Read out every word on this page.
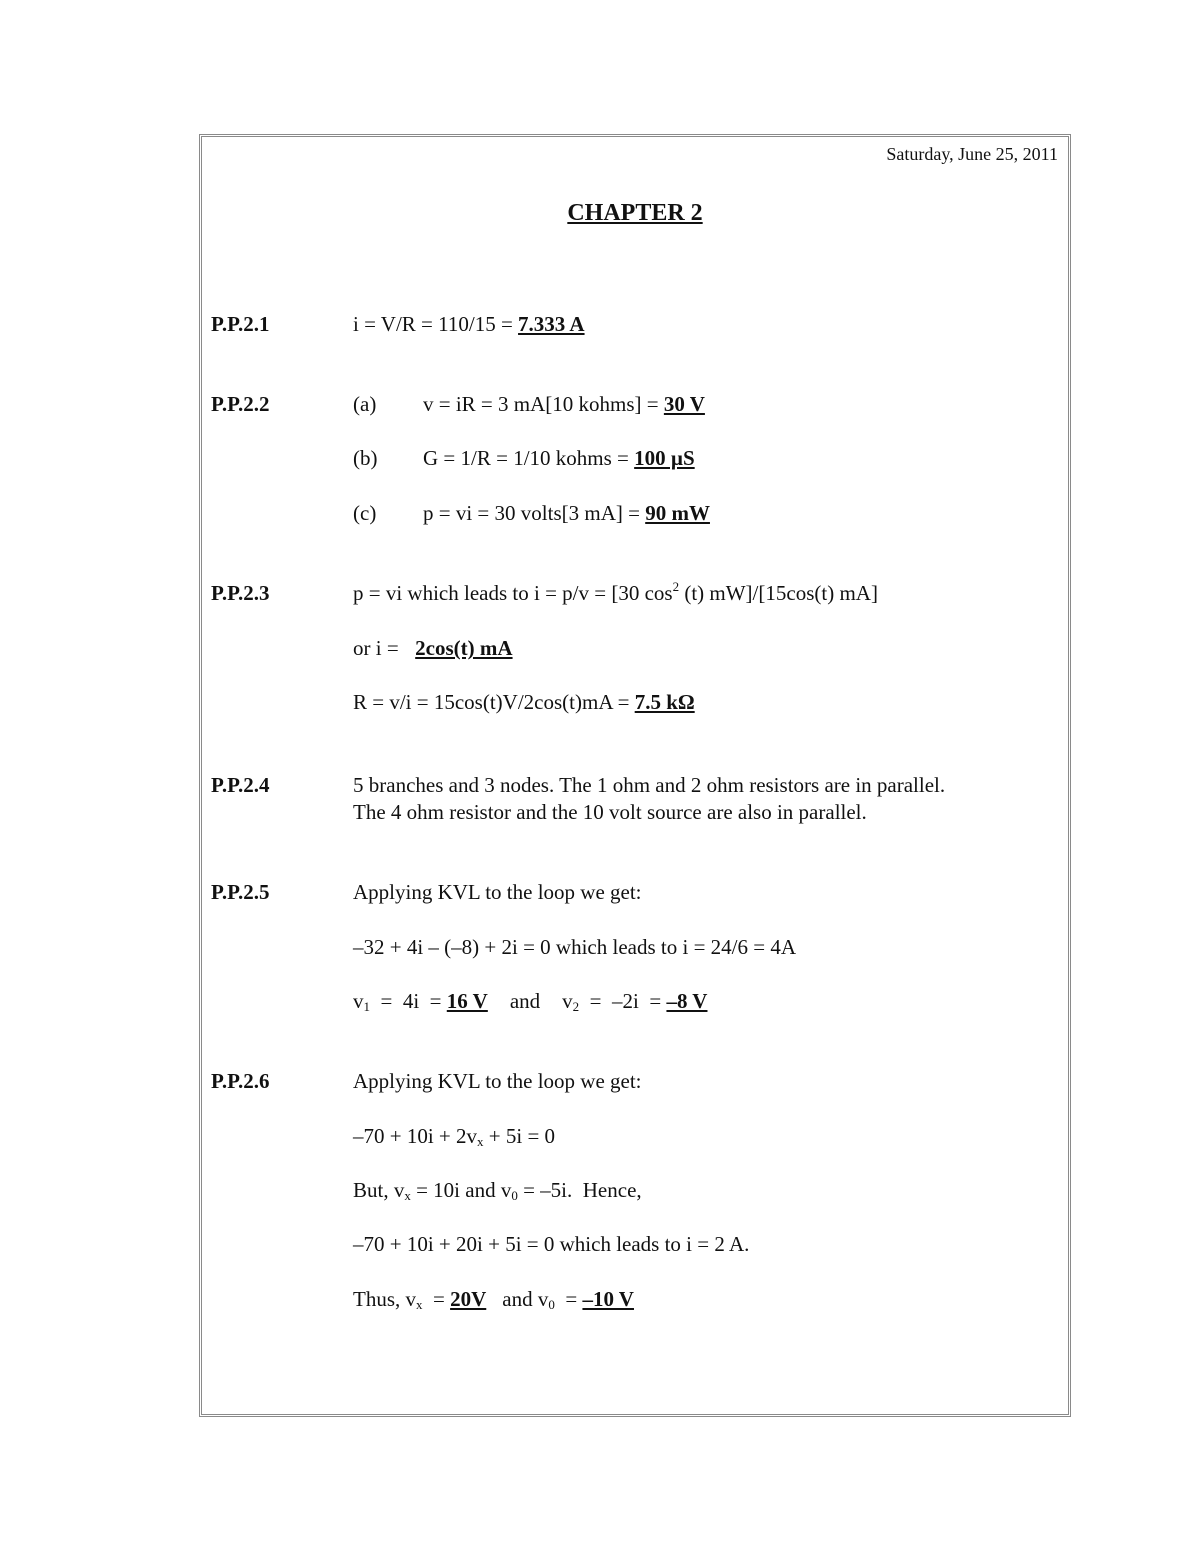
Saturday, June 25, 2011
CHAPTER 2
P.P.2.1	i = V/R = 110/15 = 7.333 A
P.P.2.2	(a) v = iR = 3 mA[10 kohms] = 30 V
(b) G = 1/R = 1/10 kohms = 100 µS
(c) p = vi = 30 volts[3 mA] = 90 mW
P.P.2.3	p = vi which leads to i = p/v = [30 $\cos^2 (t)$ mW]/[15cos(t) mA]
or i = 2cos(t) mA
R = v/i = 15cos(t)V/2cos(t)mA = 7.5 kΩ
P.P.2.4	5 branches and 3 nodes. The 1 ohm and 2 ohm resistors are in parallel.
The 4 ohm resistor and the 10 volt source are also in parallel.
P.P.2.5	Applying KVL to the loop we get:
–32 + 4i – (–8) + 2i = 0 which leads to i = 24/6 = 4A
$v_1 = 4i = 16$ V and $v_2 = -2i = -8$ V
P.P.2.6	Applying KVL to the loop we get:
$-70 + 10i + 2v_x + 5i = 0$
But, $v_x = 10i$ and $v_0 = -5i$.  Hence,
–70 + 10i + 20i + 5i = 0 which leads to i = 2 A.
Thus, $v_x = 20V$ and $v_0 = -10$ V
